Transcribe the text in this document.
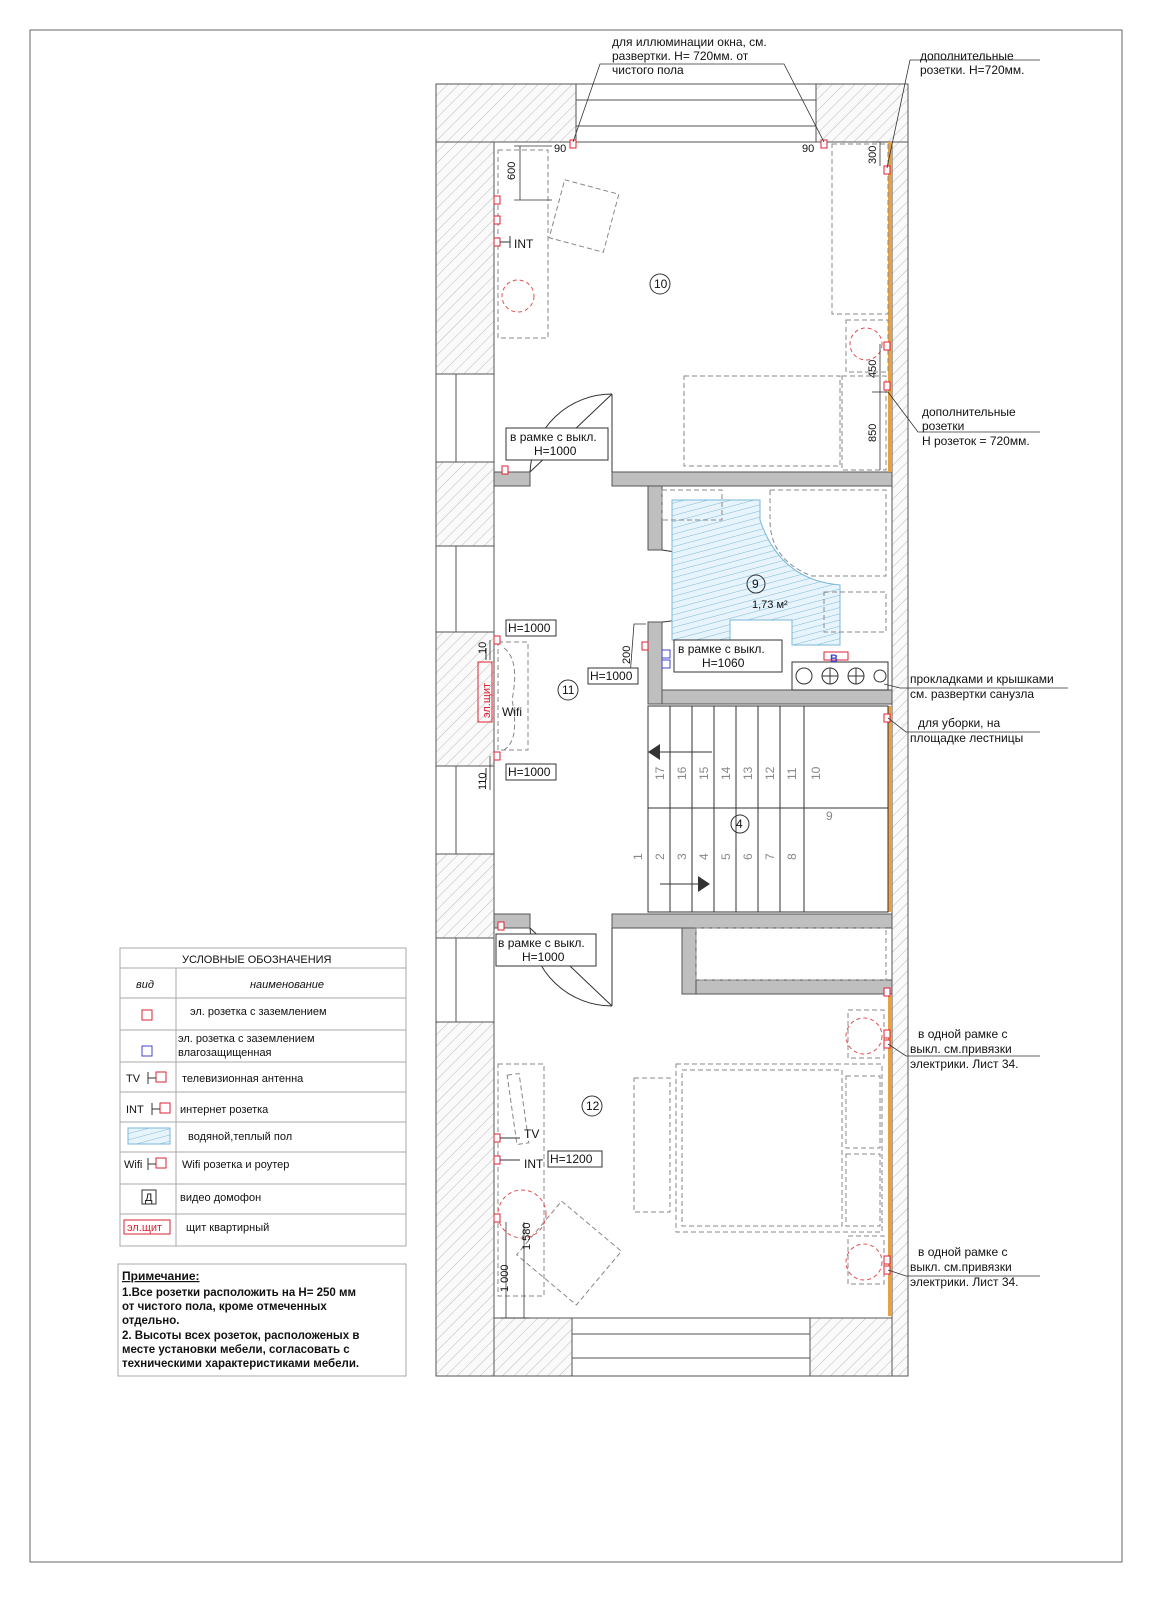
для иллюминации окна, см.
развертки. Н= 720мм. от
чистого пола
дополнительные
розетки. Н=720мм.
дополнительные
розетки
Н розеток = 720мм.
прокладками и крышками
см. развертки санузла
для уборки, на
площадке лестницы
в одной рамке с
выкл. см.привязки
электрики. Лист 34.
в одной рамке с
выкл. см.привязки
электрики. Лист 34.
в рамке с выкл.
Н=1000
в рамке с выкл.
Н=1060
в рамке с выкл.
Н=1000
Н=1000
Н=1000
Н=1000
Н=1200
10
9
1,73 м²
11
4
12
INT
Wifi
эл.щит
TV
INT
B
90	90
600
300
450
850
200
10
110
1 000
1 580
17 16 15 14 13 12 11 10
1 2 3 4 5 6 7 8
9
УСЛОВНЫЕ ОБОЗНАЧЕНИЯ
вид	наименование
эл. розетка с заземлением
эл. розетка с заземлением влагозащищенная
TV	телевизионная антенна
INT	интернет розетка
водяной,теплый пол
Wifi	Wifi розетка и роутер
Д	видео домофон
эл.щит щит квартирный
Примечание:
1.Все розетки расположить на Н= 250 мм
от чистого пола, кроме отмеченных
отдельно.
2. Высоты всех розеток, расположеных в
месте установки мебели, согласовать с
техническими характеристиками мебели.
